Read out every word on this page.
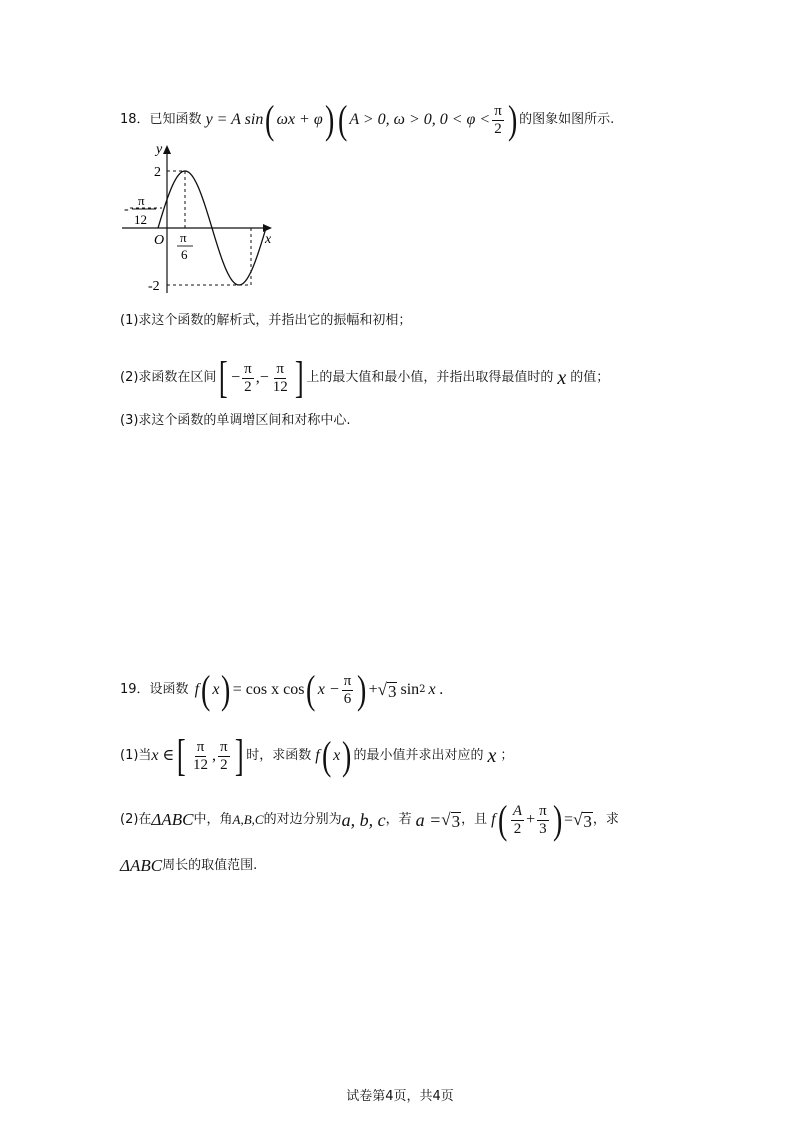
18． 已知函数 y = A sin ( ωx + φ ) ( A > 0, ω > 0, $0 < \varphi < \frac{\pi}{2}$ ) 的图象如图所示.
y
x
O
2
-2
-
π
12
π
6
(1)求这个函数的解析式，并指出它的振幅和初相；
(2)求函数在区间 [ − $\frac{\pi}{2}$ ,− $\frac{\pi}{12}$ ] 上的最大值和最小值，并指出取得最值时的 x 的值；
(3)求这个函数的单调增区间和对称中心.
19． 设函数 f ( x ) = cos x cos ( $x - \frac{\pi}{6}$ ) + √ 3 sin 2 x .
(1)当 x ∈ [ $\frac{\pi}{12}$ , $\frac{\pi}{2}$ ] 时，求函数 f ( x ) 的最小值并求出对应的 x ；
(2)在 ΔABC 中，角 A,B,C 的对边分别为 a, b, c ，若 a = √ 3 ，且 f ( $\frac{A}{2} + \frac{\pi}{3}$ ) = √ 3 ，求
ΔABC 周长的取值范围.
试卷第4页，共4页
